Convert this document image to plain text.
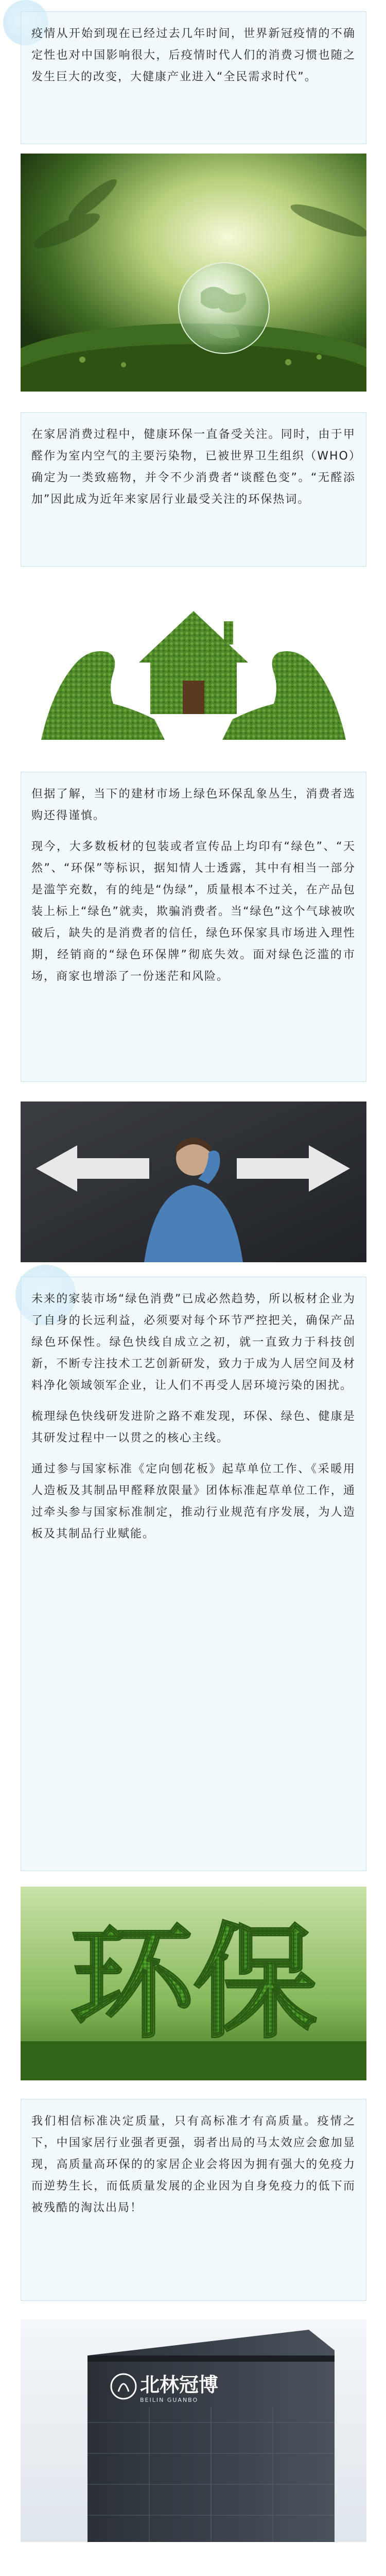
疫情从开始到现在已经过去几年时间，世界新冠疫情的不确定性也对中国影响很大，后疫情时代人们的消费习惯也随之发生巨大的改变，大健康产业进入“全民需求时代”。

在家居消费过程中，健康环保一直备受关注。同时，由于甲醛作为室内空气的主要污染物，已被世界卫生组织（WHO）确定为一类致癌物，并令不少消费者“谈醛色变”。“无醛添加”因此成为近年来家居行业最受关注的环保热词。

但据了解，当下的建材市场上绿色环保乱象丛生，消费者选购还得谨慎。

现今，大多数板材的包装或者宣传品上均印有“绿色”、“天然”、“环保”等标识，据知情人士透露，其中有相当一部分是滥竽充数，有的纯是“伪绿”，质量根本不过关，在产品包装上标上“绿色”就卖，欺骗消费者。当“绿色”这个气球被吹破后，缺失的是消费者的信任，绿色环保家具市场进入理性期，经销商的“绿色环保牌”彻底失效。面对绿色泛滥的市场，商家也增添了一份迷茫和风险。

未来的家装市场“绿色消费”已成必然趋势，所以板材企业为了自身的长远利益，必须要对每个环节严控把关，确保产品绿色环保性。绿色快线自成立之初，就一直致力于科技创新，不断专注技术工艺创新研发，致力于成为人居空间及材料净化领域领军企业，让人们不再受人居环境污染的困扰。

梳理绿色快线研发进阶之路不难发现，环保、绿色、健康是其研发过程中一以贯之的核心主线。

通过参与国家标准《定向刨花板》起草单位工作、《采暖用人造板及其制品甲醛释放限量》团体标准起草单位工作，通过牵头参与国家标准制定，推动行业规范有序发展，为人造板及其制品行业赋能。

环保

我们相信标准决定质量，只有高标准才有高质量。疫情之下，中国家居行业强者更强，弱者出局的马太效应会愈加显现，高质量高环保的的家居企业会将因为拥有强大的免疫力而逆势生长，而低质量发展的企业因为自身免疫力的低下而被残酷的淘汰出局！

北林冠博
BEILIN GUANBO
